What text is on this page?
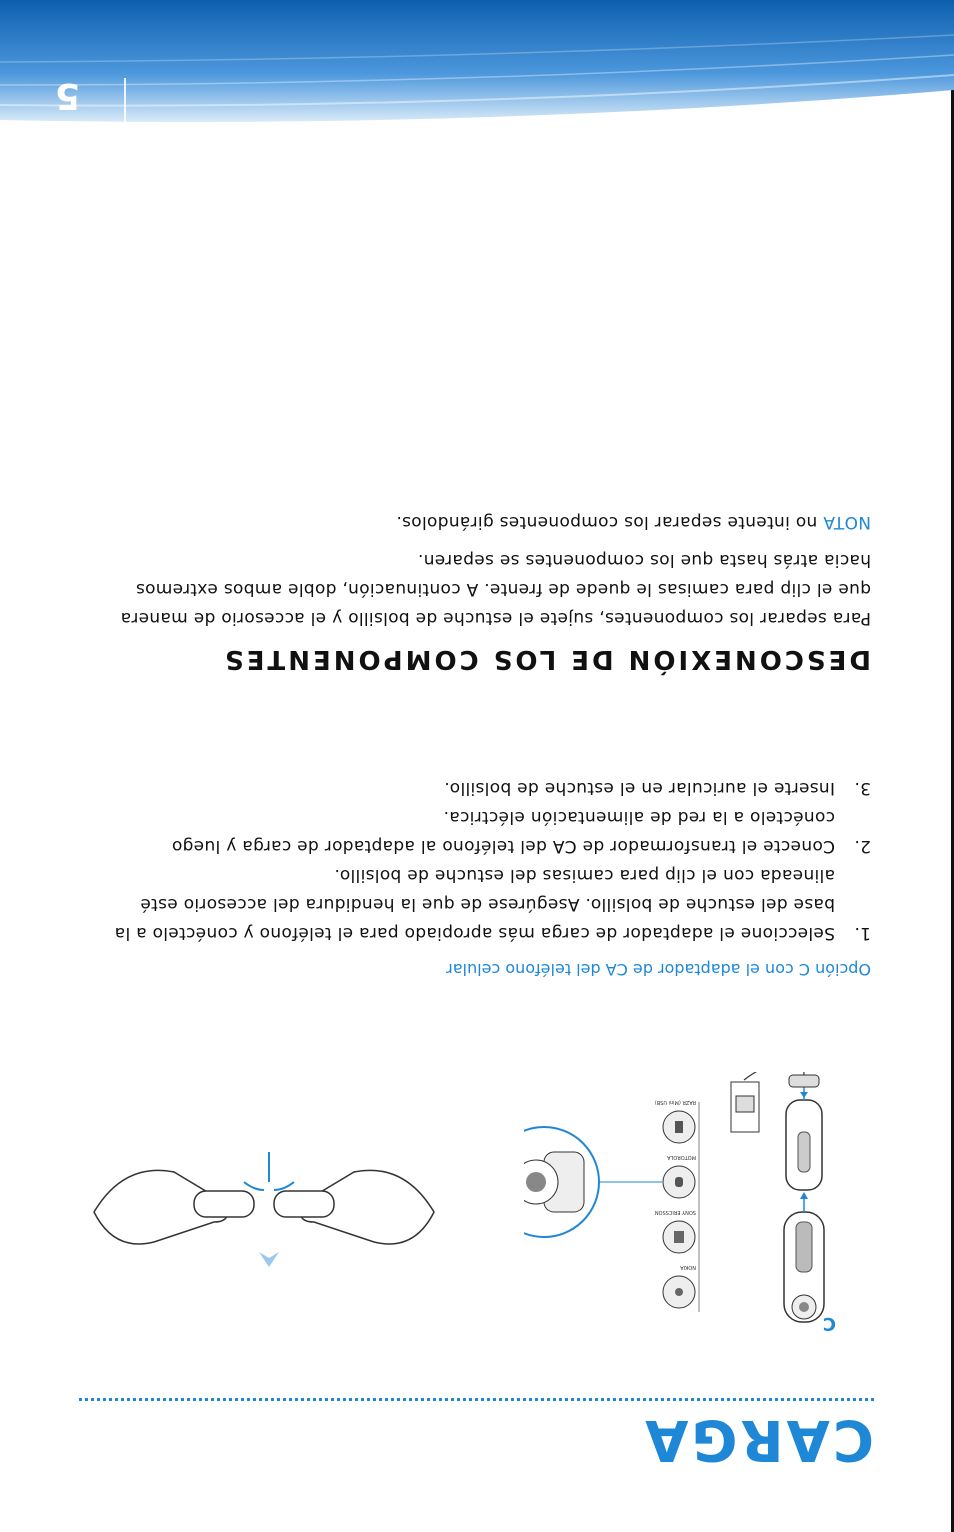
CARGA
C
NOKIA
SONY ERICSSON
MOTOROLA
RAZR (Mini USB)
Opción C con el adaptador de CA del teléfono celular
1.
Seleccione el adaptador de carga más apropiado para el teléfono y conéctelo a la base del estuche de bolsillo. Asegúrese de que la hendidura del accesorio esté alineada con el clip para camisas del estuche de bolsillo.
2.
Conecte el transformador de CA del teléfono al adaptador de carga y luego conéctelo a la red de alimentación eléctrica.
3.
Inserte el auricular en el estuche de bolsillo.
DESCONEXIÓN DE LOS COMPONENTES
Para separar los componentes, sujete el estuche de bolsillo y el accesorio de manera que el clip para camisas le quede de frente. A continuación, doble ambos extremos hacia atrás hasta que los componentes se separen.
NOTA no intente separar los componentes girándolos.
5
